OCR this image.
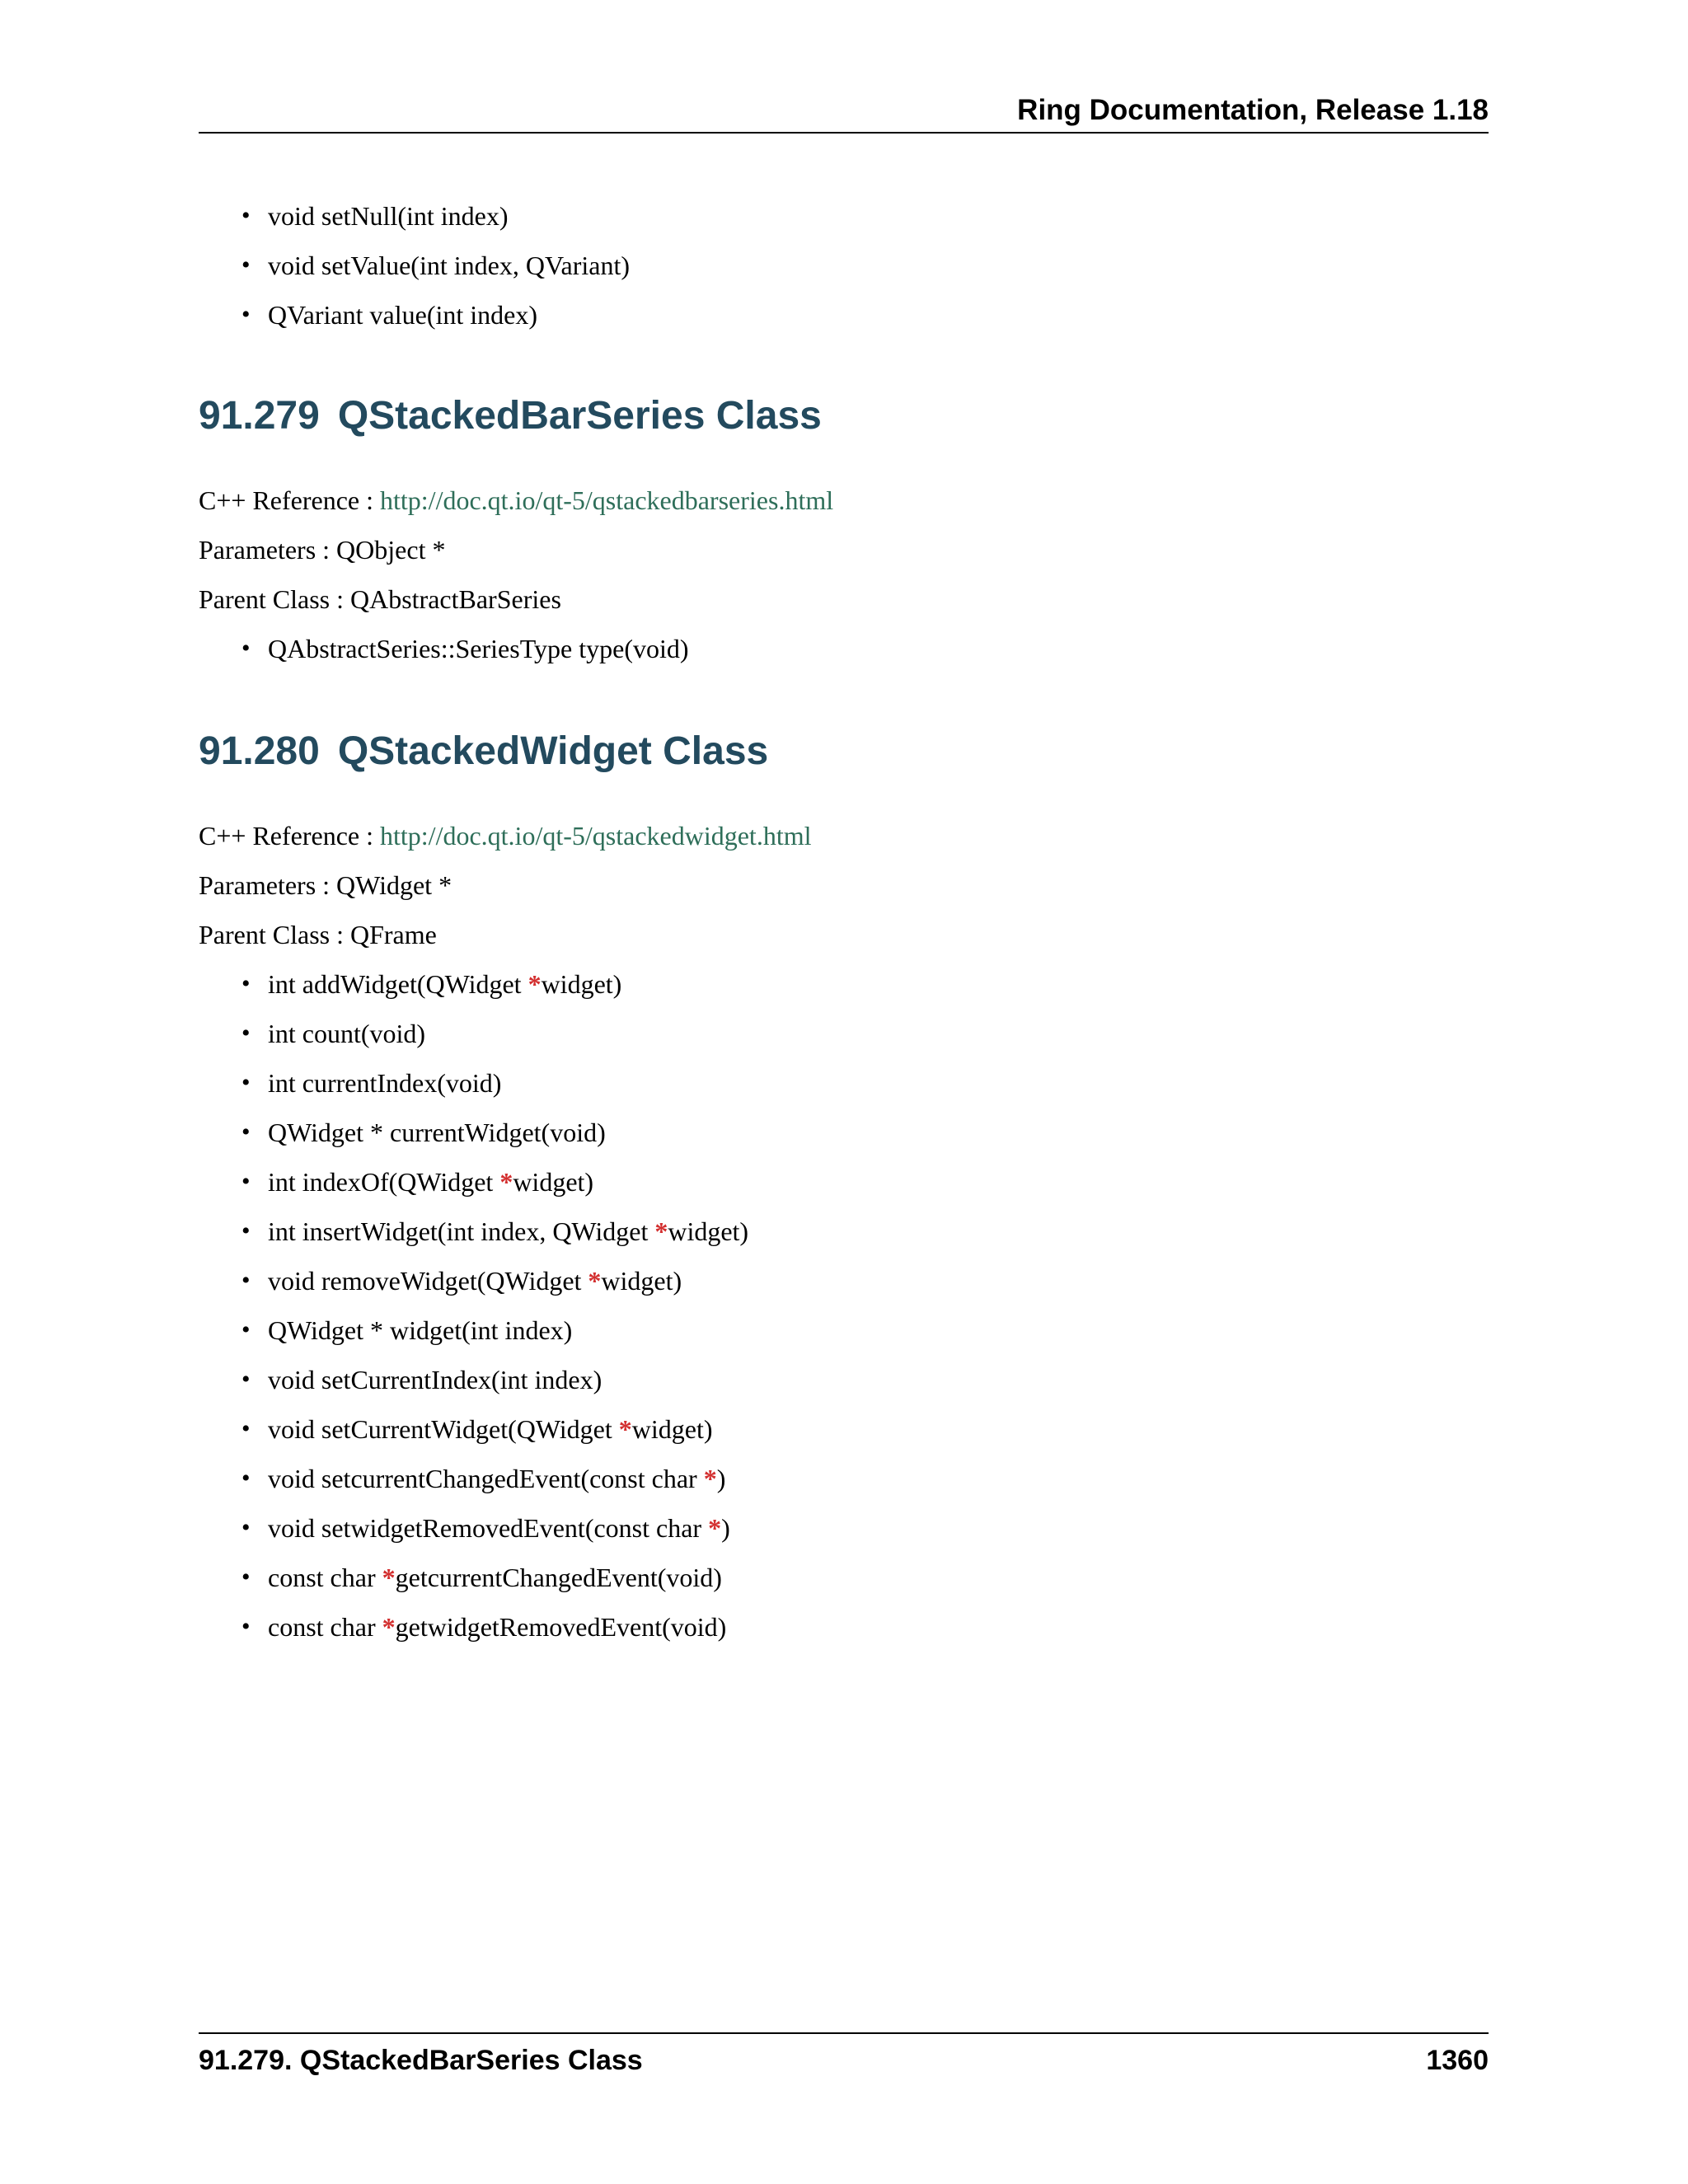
Ring Documentation, Release 1.18
• void setNull(int index)
• void setValue(int index, QVariant)
• QVariant value(int index)
91.279 QStackedBarSeries Class
C++ Reference : http://doc.qt.io/qt-5/qstackedbarseries.html
Parameters : QObject *
Parent Class : QAbstractBarSeries
• QAbstractSeries::SeriesType type(void)
91.280 QStackedWidget Class
C++ Reference : http://doc.qt.io/qt-5/qstackedwidget.html
Parameters : QWidget *
Parent Class : QFrame
• int addWidget(QWidget *widget)
• int count(void)
• int currentIndex(void)
• QWidget * currentWidget(void)
• int indexOf(QWidget *widget)
• int insertWidget(int index, QWidget *widget)
• void removeWidget(QWidget *widget)
• QWidget * widget(int index)
• void setCurrentIndex(int index)
• void setCurrentWidget(QWidget *widget)
• void setcurrentChangedEvent(const char *)
• void setwidgetRemovedEvent(const char *)
• const char *getcurrentChangedEvent(void)
• const char *getwidgetRemovedEvent(void)
91.279. QStackedBarSeries Class	1360
